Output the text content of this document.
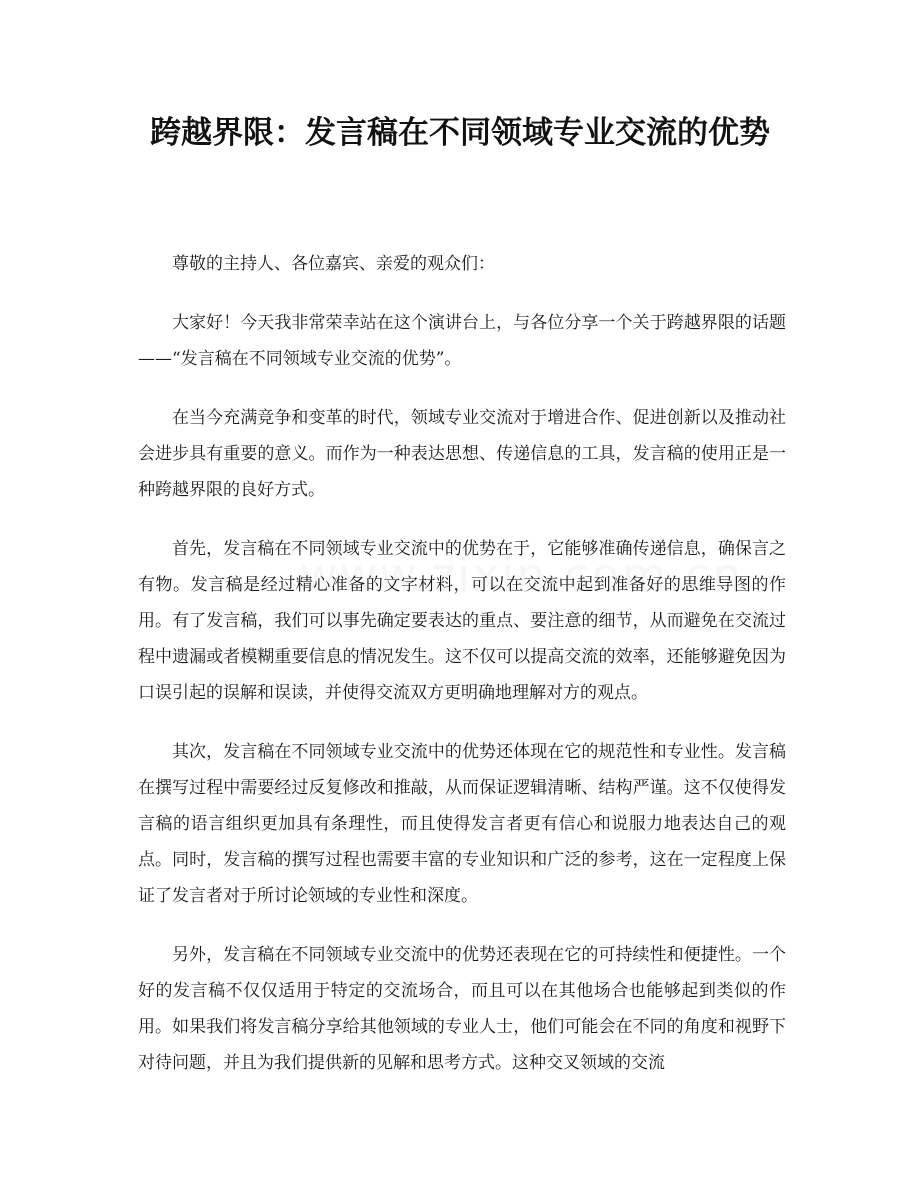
跨越界限：发言稿在不同领域专业交流的优势

尊敬的主持人、各位嘉宾、亲爱的观众们：

大家好！今天我非常荣幸站在这个演讲台上，与各位分享一个关于跨越界限的话题——“发言稿在不同领域专业交流的优势”。

在当今充满竞争和变革的时代，领域专业交流对于增进合作、促进创新以及推动社会进步具有重要的意义。而作为一种表达思想、传递信息的工具，发言稿的使用正是一种跨越界限的良好方式。

首先，发言稿在不同领域专业交流中的优势在于，它能够准确传递信息，确保言之有物。发言稿是经过精心准备的文字材料，可以在交流中起到准备好的思维导图的作用。有了发言稿，我们可以事先确定要表达的重点、要注意的细节，从而避免在交流过程中遗漏或者模糊重要信息的情况发生。这不仅可以提高交流的效率，还能够避免因为口误引起的误解和误读，并使得交流双方更明确地理解对方的观点。

其次，发言稿在不同领域专业交流中的优势还体现在它的规范性和专业性。发言稿在撰写过程中需要经过反复修改和推敲，从而保证逻辑清晰、结构严谨。这不仅使得发言稿的语言组织更加具有条理性，而且使得发言者更有信心和说服力地表达自己的观点。同时，发言稿的撰写过程也需要丰富的专业知识和广泛的参考，这在一定程度上保证了发言者对于所讨论领域的专业性和深度。

另外，发言稿在不同领域专业交流中的优势还表现在它的可持续性和便捷性。一个好的发言稿不仅仅适用于特定的交流场合，而且可以在其他场合也能够起到类似的作用。如果我们将发言稿分享给其他领域的专业人士，他们可能会在不同的角度和视野下对待问题，并且为我们提供新的见解和思考方式。这种交叉领域的交流
